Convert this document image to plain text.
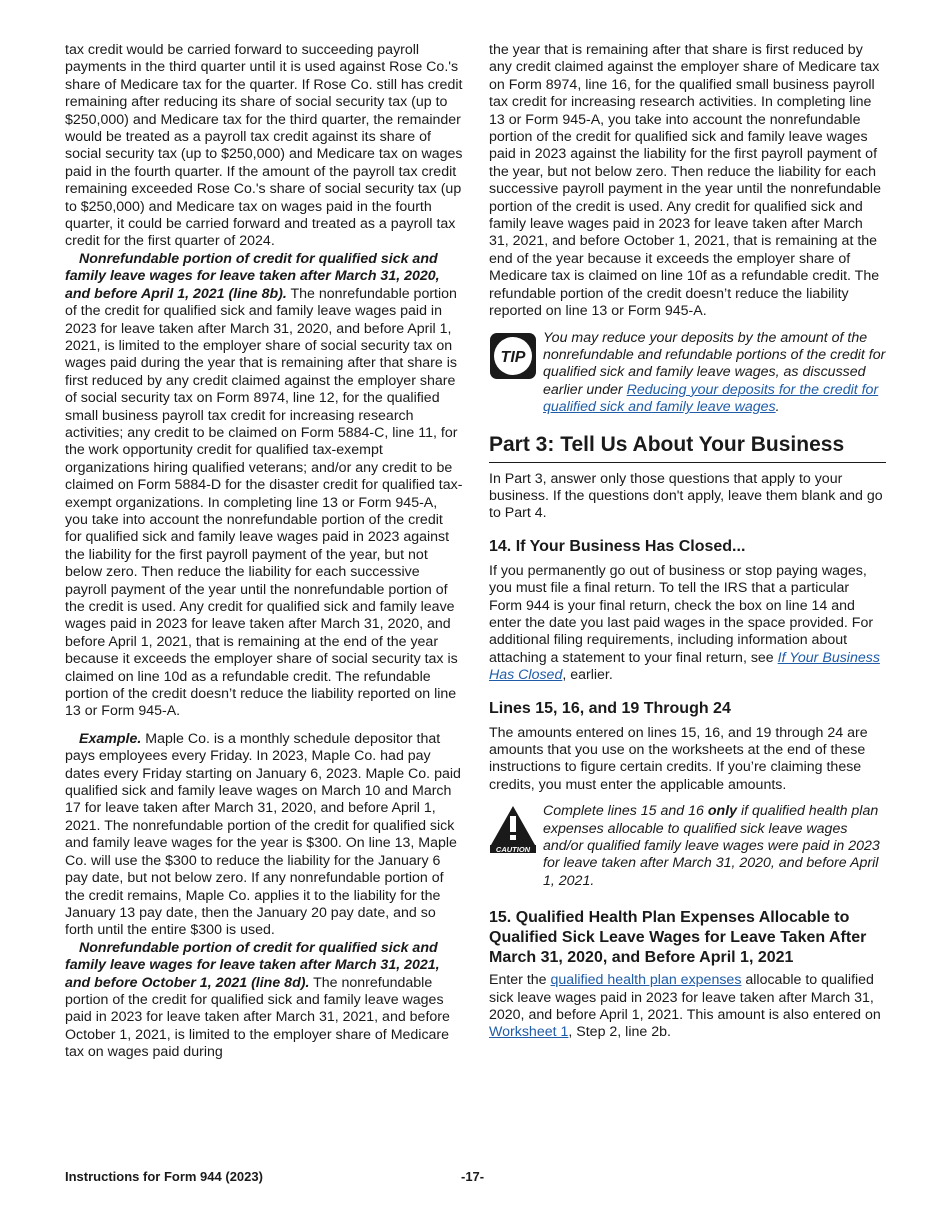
tax credit would be carried forward to succeeding payroll payments in the third quarter until it is used against Rose Co.'s share of Medicare tax for the quarter. If Rose Co. still has credit remaining after reducing its share of social security tax (up to $250,000) and Medicare tax for the third quarter, the remainder would be treated as a payroll tax credit against its share of social security tax (up to $250,000) and Medicare tax on wages paid in the fourth quarter. If the amount of the payroll tax credit remaining exceeded Rose Co.'s share of social security tax (up to $250,000) and Medicare tax on wages paid in the fourth quarter, it could be carried forward and treated as a payroll tax credit for the first quarter of 2024.

Nonrefundable portion of credit for qualified sick and family leave wages for leave taken after March 31, 2020, and before April 1, 2021 (line 8b). The nonrefundable portion of the credit for qualified sick and family leave wages paid in 2023 for leave taken after March 31, 2020, and before April 1, 2021, is limited to the employer share of social security tax on wages paid during the year that is remaining after that share is first reduced by any credit claimed against the employer share of social security tax on Form 8974, line 12, for the qualified small business payroll tax credit for increasing research activities; any credit to be claimed on Form 5884-C, line 11, for the work opportunity credit for qualified tax-exempt organizations hiring qualified veterans; and/or any credit to be claimed on Form 5884-D for the disaster credit for qualified tax-exempt organizations. In completing line 13 or Form 945-A, you take into account the nonrefundable portion of the credit for qualified sick and family leave wages paid in 2023 against the liability for the first payroll payment of the year, but not below zero. Then reduce the liability for each successive payroll payment of the year until the nonrefundable portion of the credit is used. Any credit for qualified sick and family leave wages paid in 2023 for leave taken after March 31, 2020, and before April 1, 2021, that is remaining at the end of the year because it exceeds the employer share of social security tax is claimed on line 10d as a refundable credit. The refundable portion of the credit doesn’t reduce the liability reported on line 13 or Form 945-A.

Example. Maple Co. is a monthly schedule depositor that pays employees every Friday. In 2023, Maple Co. had pay dates every Friday starting on January 6, 2023. Maple Co. paid qualified sick and family leave wages on March 10 and March 17 for leave taken after March 31, 2020, and before April 1, 2021. The nonrefundable portion of the credit for qualified sick and family leave wages for the year is $300. On line 13, Maple Co. will use the $300 to reduce the liability for the January 6 pay date, but not below zero. If any nonrefundable portion of the credit remains, Maple Co. applies it to the liability for the January 13 pay date, then the January 20 pay date, and so forth until the entire $300 is used.

Nonrefundable portion of credit for qualified sick and family leave wages for leave taken after March 31, 2021, and before October 1, 2021 (line 8d). The nonrefundable portion of the credit for qualified sick and family leave wages paid in 2023 for leave taken after March 31, 2021, and before October 1, 2021, is limited to the employer share of Medicare tax on wages paid during

the year that is remaining after that share is first reduced by any credit claimed against the employer share of Medicare tax on Form 8974, line 16, for the qualified small business payroll tax credit for increasing research activities. In completing line 13 or Form 945-A, you take into account the nonrefundable portion of the credit for qualified sick and family leave wages paid in 2023 against the liability for the first payroll payment of the year, but not below zero. Then reduce the liability for each successive payroll payment in the year until the nonrefundable portion of the credit is used. Any credit for qualified sick and family leave wages paid in 2023 for leave taken after March 31, 2021, and before October 1, 2021, that is remaining at the end of the year because it exceeds the employer share of Medicare tax is claimed on line 10f as a refundable credit. The refundable portion of the credit doesn’t reduce the liability reported on line 13 or Form 945-A.

TIP
You may reduce your deposits by the amount of the nonrefundable and refundable portions of the credit for qualified sick and family leave wages, as discussed earlier under Reducing your deposits for the credit for qualified sick and family leave wages.
Part 3: Tell Us About Your Business

In Part 3, answer only those questions that apply to your business. If the questions don't apply, leave them blank and go to Part 4.

14. If Your Business Has Closed...

If you permanently go out of business or stop paying wages, you must file a final return. To tell the IRS that a particular Form 944 is your final return, check the box on line 14 and enter the date you last paid wages in the space provided. For additional filing requirements, including information about attaching a statement to your final return, see If Your Business Has Closed, earlier.

Lines 15, 16, and 19 Through 24

The amounts entered on lines 15, 16, and 19 through 24 are amounts that you use on the worksheets at the end of these instructions to figure certain credits. If you’re claiming these credits, you must enter the applicable amounts.

CAUTION
Complete lines 15 and 16 only if qualified health plan expenses allocable to qualified sick leave wages and/or qualified family leave wages were paid in 2023 for leave taken after March 31, 2020, and before April 1, 2021.
15. Qualified Health Plan Expenses Allocable to Qualified Sick Leave Wages for Leave Taken After March 31, 2020, and Before April 1, 2021

Enter the qualified health plan expenses allocable to qualified sick leave wages paid in 2023 for leave taken after March 31, 2020, and before April 1, 2021. This amount is also entered on Worksheet 1, Step 2, line 2b.

Instructions for Form 944 (2023)	-17-
